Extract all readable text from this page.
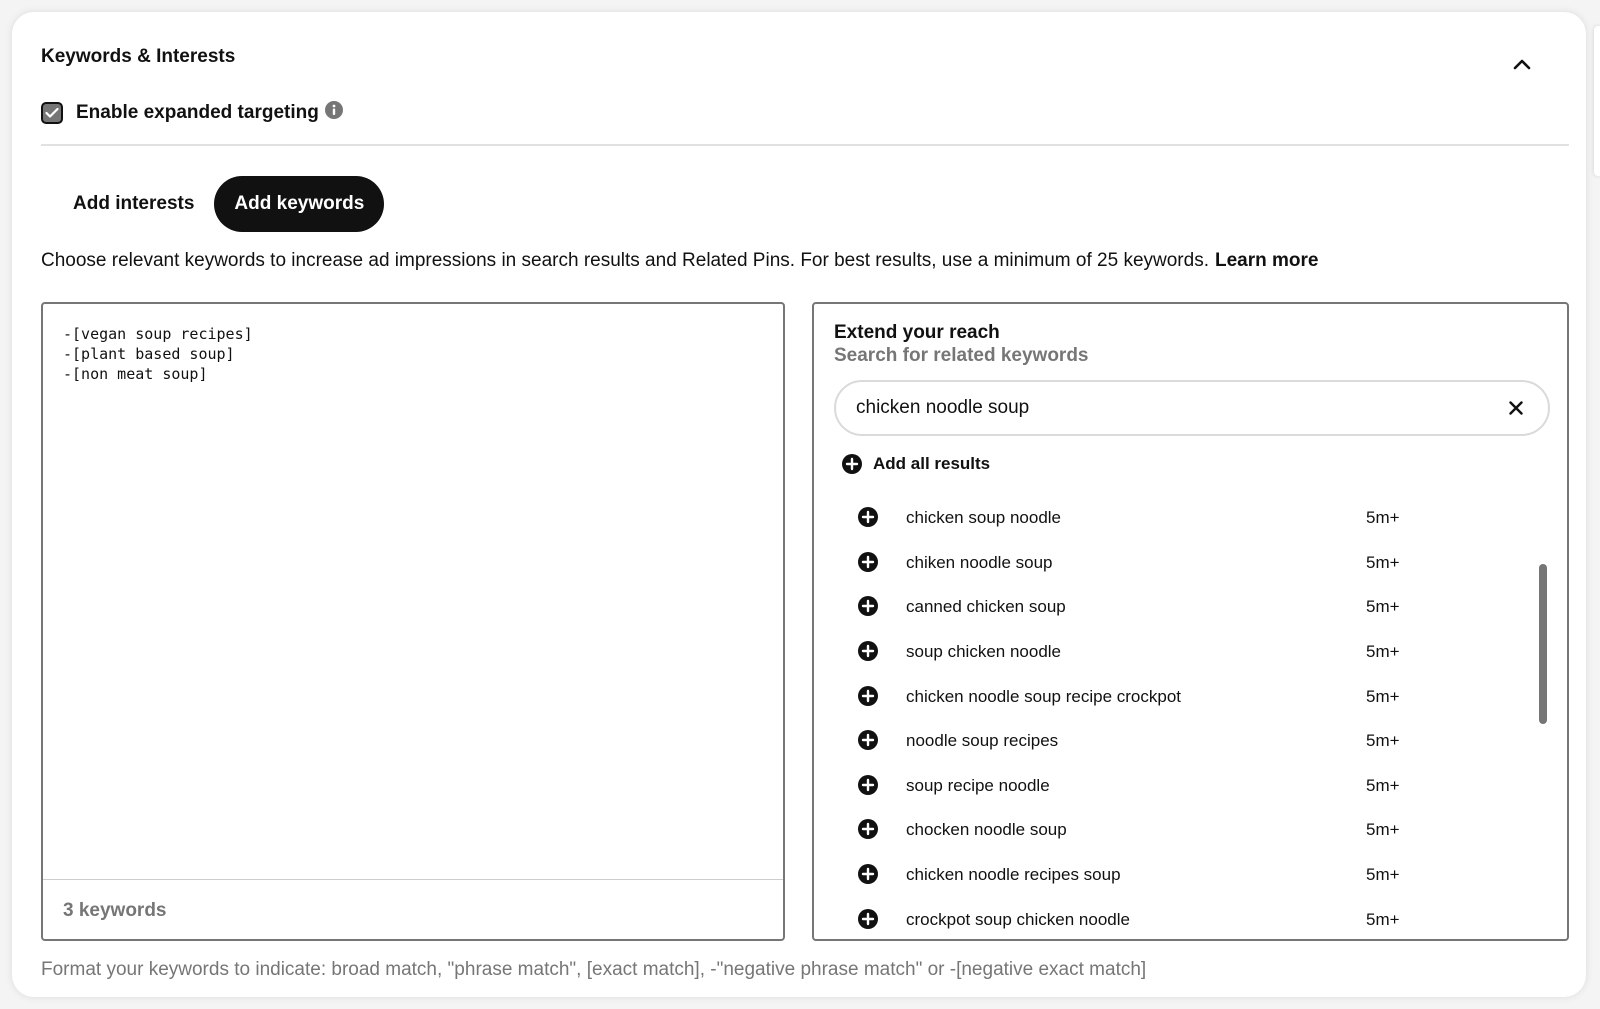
Keywords & Interests
Enable expanded targeting
Add interests	Add keywords
Choose relevant keywords to increase ad impressions in search results and Related Pins. For best results, use a minimum of 25 keywords. Learn more
-[vegan soup recipes]
-[plant based soup]
-[non meat soup]
3 keywords
Extend your reach
Search for related keywords
chicken noodle soup
Add all results
chicken soup noodle	5m+
chiken noodle soup	5m+
canned chicken soup	5m+
soup chicken noodle	5m+
chicken noodle soup recipe crockpot	5m+
noodle soup recipes	5m+
soup recipe noodle	5m+
chocken noodle soup	5m+
chicken noodle recipes soup	5m+
crockpot soup chicken noodle	5m+
Format your keywords to indicate: broad match, "phrase match", [exact match], -"negative phrase match" or -[negative exact match]
